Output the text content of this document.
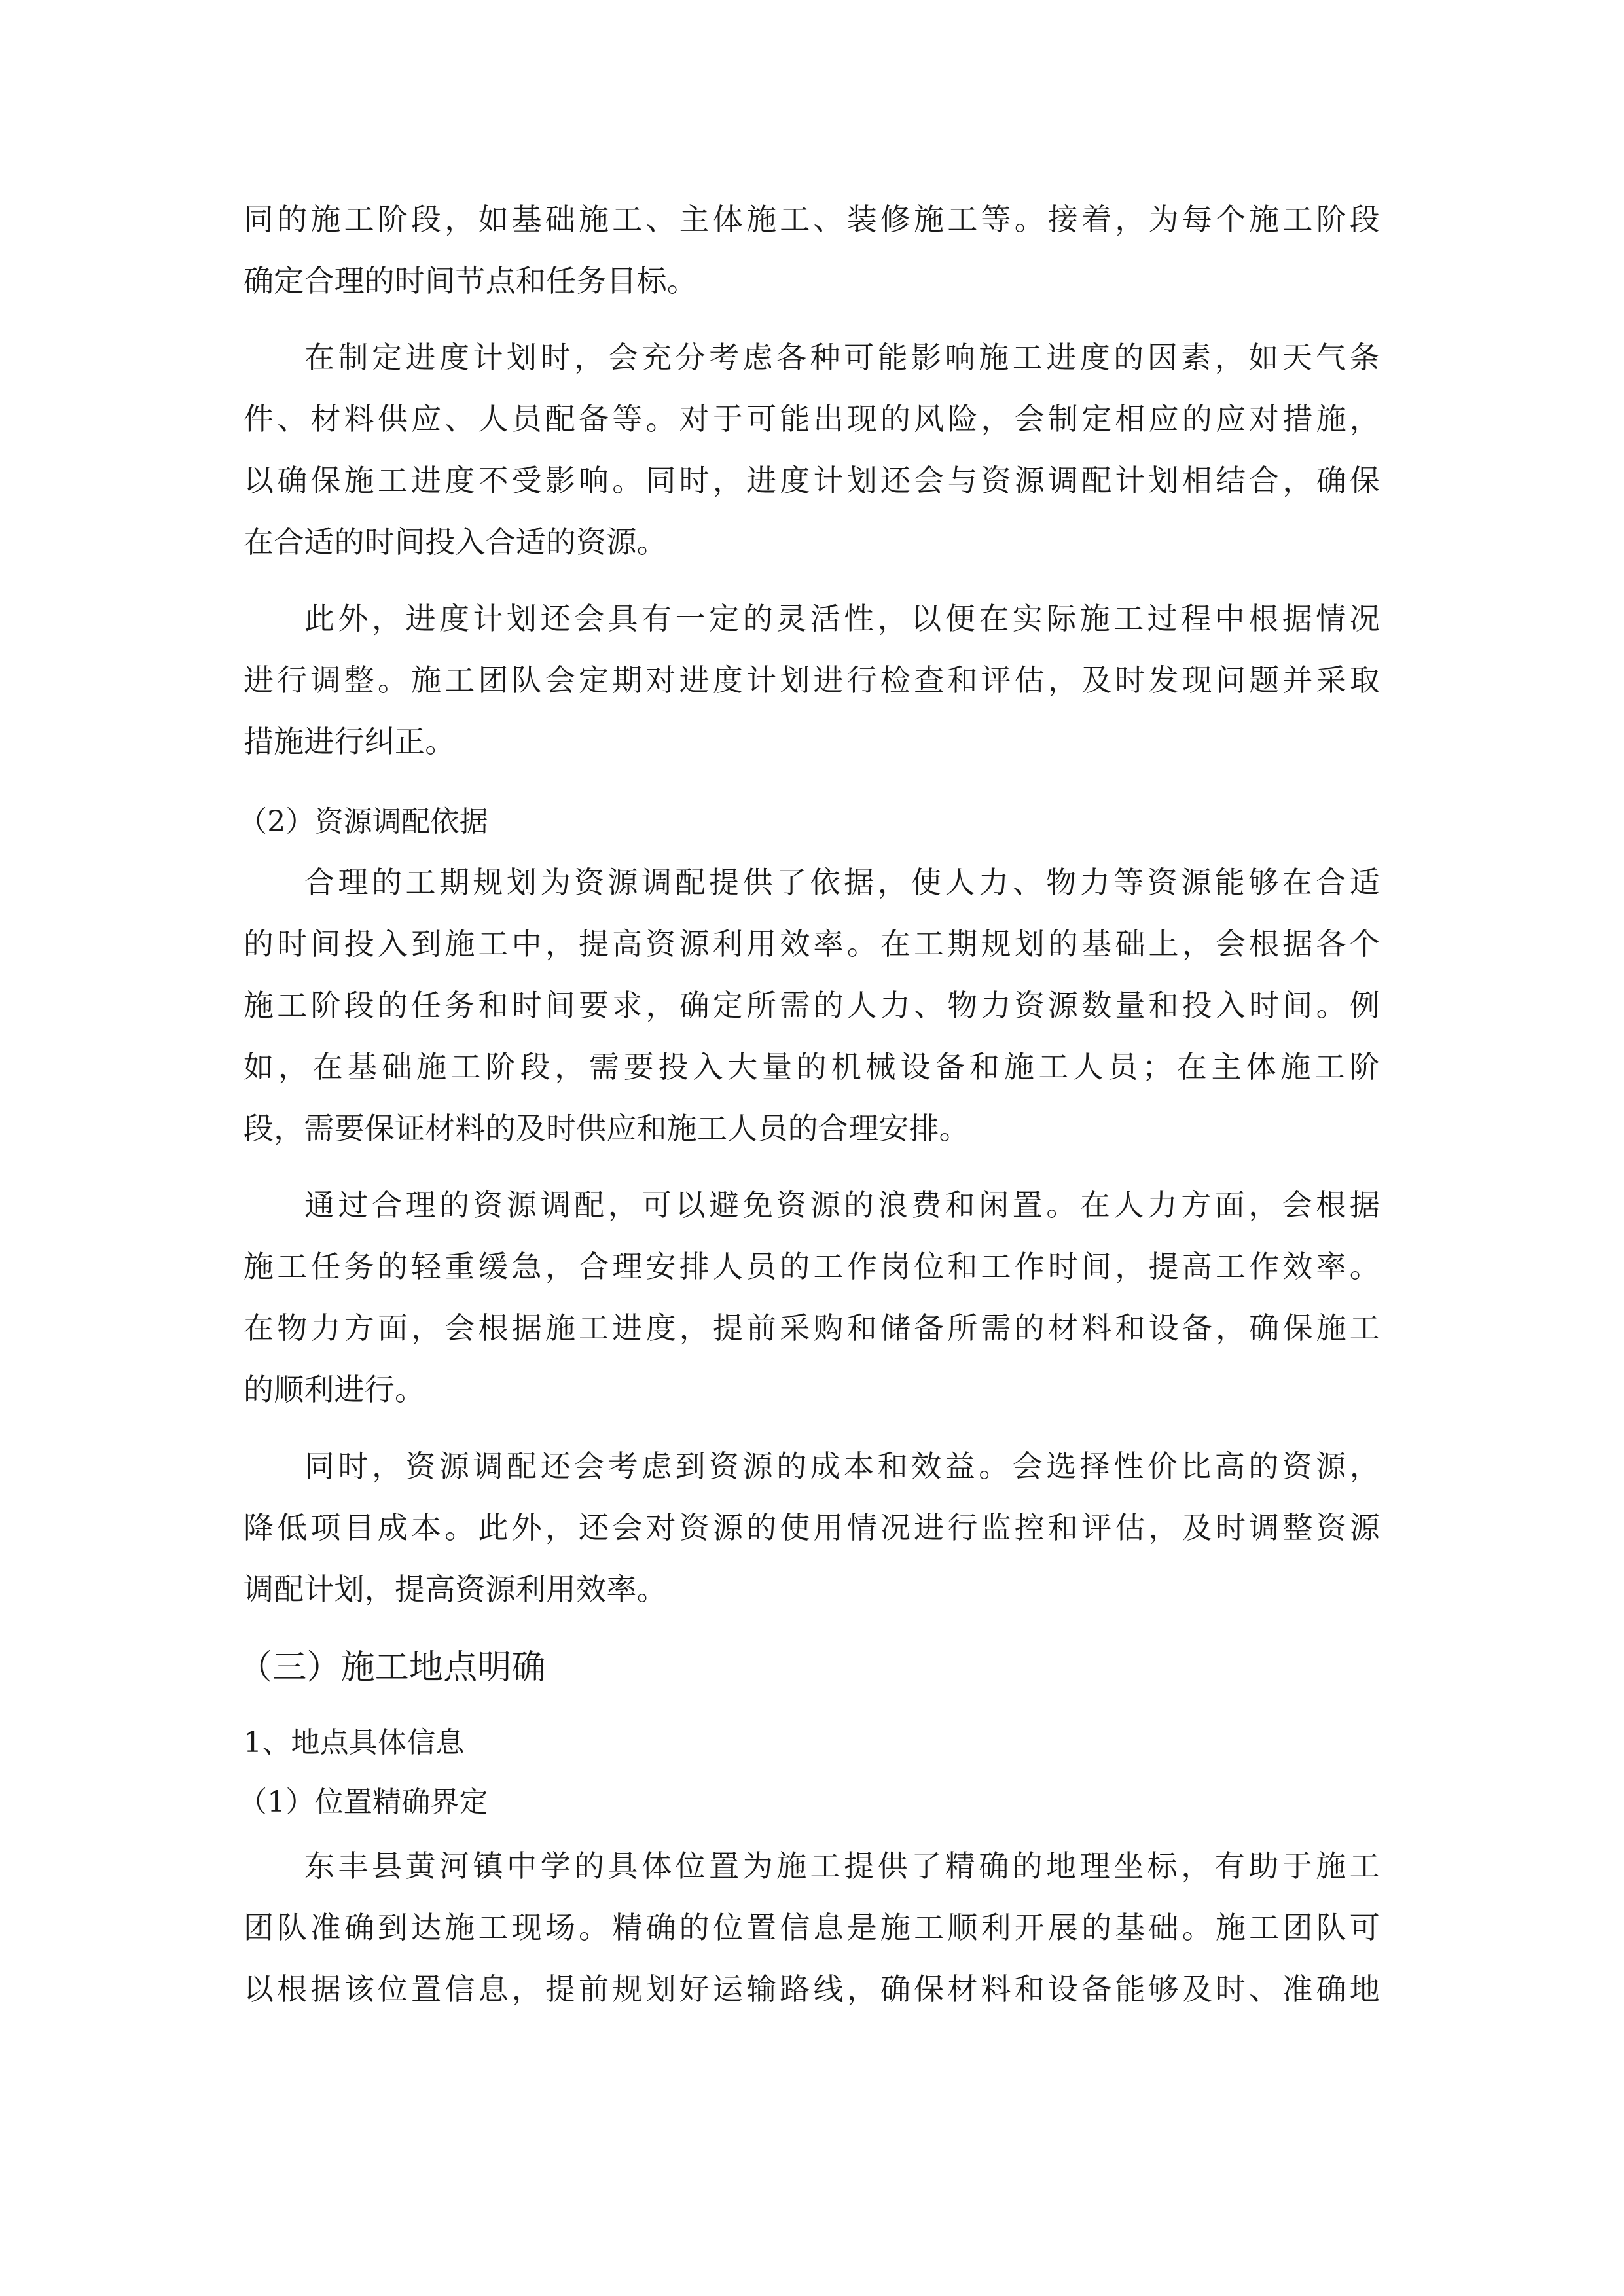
同的施工阶段，如基础施工、主体施工、装修施工等。接着，为每个施工阶段
确定合理的时间节点和任务目标。
在制定进度计划时，会充分考虑各种可能影响施工进度的因素，如天气条
件、材料供应、人员配备等。对于可能出现的风险，会制定相应的应对措施，
以确保施工进度不受影响。同时，进度计划还会与资源调配计划相结合，确保
在合适的时间投入合适的资源。
此外，进度计划还会具有一定的灵活性，以便在实际施工过程中根据情况
进行调整。施工团队会定期对进度计划进行检查和评估，及时发现问题并采取
措施进行纠正。
（2）资源调配依据
合理的工期规划为资源调配提供了依据，使人力、物力等资源能够在合适
的时间投入到施工中，提高资源利用效率。在工期规划的基础上，会根据各个
施工阶段的任务和时间要求，确定所需的人力、物力资源数量和投入时间。例
如，在基础施工阶段，需要投入大量的机械设备和施工人员；在主体施工阶
段，需要保证材料的及时供应和施工人员的合理安排。
通过合理的资源调配，可以避免资源的浪费和闲置。在人力方面，会根据
施工任务的轻重缓急，合理安排人员的工作岗位和工作时间，提高工作效率。
在物力方面，会根据施工进度，提前采购和储备所需的材料和设备，确保施工
的顺利进行。
同时，资源调配还会考虑到资源的成本和效益。会选择性价比高的资源，
降低项目成本。此外，还会对资源的使用情况进行监控和评估，及时调整资源
调配计划，提高资源利用效率。
（三）施工地点明确
1、地点具体信息
（1）位置精确界定
东丰县黄河镇中学的具体位置为施工提供了精确的地理坐标，有助于施工
团队准确到达施工现场。精确的位置信息是施工顺利开展的基础。施工团队可
以根据该位置信息，提前规划好运输路线，确保材料和设备能够及时、准确地
